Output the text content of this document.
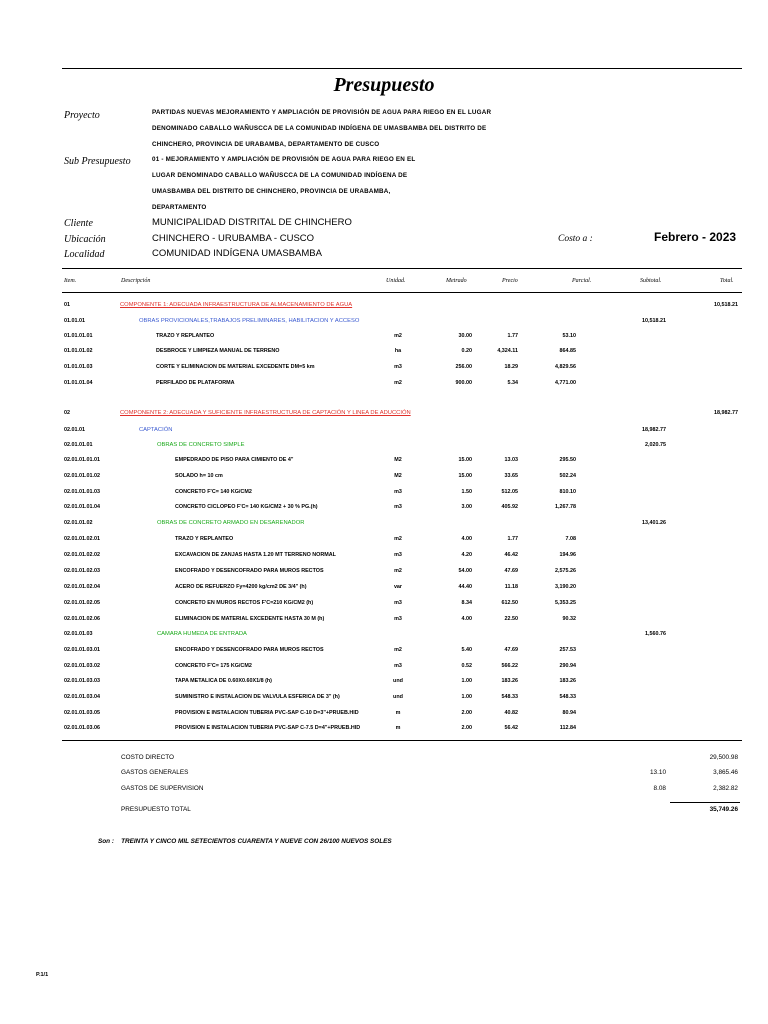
Presupuesto
Proyecto	PARTIDAS NUEVAS MEJORAMIENTO Y AMPLIACIÓN DE PROVISIÓN DE AGUA PARA RIEGO EN EL LUGAR
DENOMINADO CABALLO WAÑUSCCA DE LA COMUNIDAD INDÍGENA DE UMASBAMBA DEL DISTRITO DE
CHINCHERO, PROVINCIA DE URABAMBA, DEPARTAMENTO DE CUSCO
Sub Presupuesto	01 - MEJORAMIENTO Y AMPLIACIÓN DE PROVISIÓN DE AGUA PARA RIEGO EN EL
LUGAR DENOMINADO CABALLO WAÑUSCCA DE LA COMUNIDAD INDÍGENA DE
UMASBAMBA DEL DISTRITO DE CHINCHERO, PROVINCIA DE URABAMBA,
DEPARTAMENTO
Cliente	MUNICIPALIDAD DISTRITAL DE CHINCHERO
Ubicación	CHINCHERO - URUBAMBA - CUSCO	Costo a :	Febrero - 2023
Localidad	COMUNIDAD INDÍGENA UMASBAMBA
Item.	Descripción	Unidad.	Metrado	Precio	Parcial.	Subtotal.	Total.
01	COMPONENTE 1: ADECUADA INFRAESTRUCTURA DE ALMACENAMIENTO DE AGUA	10,518.21
01.01.01	OBRAS PROVICIONALES,TRABAJOS PRELIMINARES, HABILITACION Y ACCESO	10,518.21
01.01.01.01	TRAZO Y REPLANTEO	m2	30.00	1.77	53.10
01.01.01.02	DESBROCE Y LIMPIEZA MANUAL DE TERRENO	ha	0.20	4,324.11	864.85
01.01.01.03	CORTE Y ELIMINACION DE MATERIAL EXCEDENTE DM=5 km	m3	256.00	18.29	4,829.56
01.01.01.04	PERFILADO DE PLATAFORMA	m2	900.00	5.34	4,771.00
02	COMPONENTE 2: ADECUADA Y SUFICIENTE INFRAESTRUCTURA DE CAPTACIÓN Y LINEA DE ADUCCIÓN	18,982.77
02.01.01	CAPTACIÓN	18,982.77
02.01.01.01	OBRAS DE CONCRETO SIMPLE	2,020.75
02.01.01.01.01	EMPEDRADO DE PISO PARA CIMIENTO DE 4"	M2	15.00	13.03	295.50
02.01.01.01.02	SOLADO h= 10 cm	M2	15.00	33.65	502.24
02.01.01.01.03	CONCRETO F'C= 140 KG/CM2	m3	1.50	512.05	810.10
02.01.01.01.04	CONCRETO CICLOPEO F'C= 140 KG/CM2 + 30 % PG.(h)	m3	3.00	405.92	1,267.78
02.01.01.02	OBRAS DE CONCRETO ARMADO EN DESARENADOR	13,401.26
02.01.01.02.01	TRAZO Y REPLANTEO	m2	4.00	1.77	7.08
02.01.01.02.02	EXCAVACION DE ZANJAS HASTA 1.20 MT TERRENO NORMAL	m3	4.20	46.42	194.96
02.01.01.02.03	ENCOFRADO Y DESENCOFRADO PARA MUROS RECTOS	m2	54.00	47.69	2,575.26
02.01.01.02.04	ACERO DE REFUERZO Fy=4200 kg/cm2 DE 3/4" (h)	var	44.40	11.18	3,190.20
02.01.01.02.05	CONCRETO EN MUROS RECTOS F'C=210 KG/CM2 (h)	m3	8.34	612.50	5,353.25
02.01.01.02.06	ELIMINACION DE MATERIAL EXCEDENTE HASTA 30 M (h)	m3	4.00	22.50	90.32
02.01.01.03	CAMARA HUMEDA DE ENTRADA	1,560.76
02.01.01.03.01	ENCOFRADO Y DESENCOFRADO PARA MUROS RECTOS	m2	5.40	47.69	257.53
02.01.01.03.02	CONCRETO F'C= 175 KG/CM2	m3	0.52	566.22	290.94
02.01.01.03.03	TAPA METALICA DE 0.60X0.60X1/8 (h)	und	1.00	183.26	183.26
02.01.01.03.04	SUMINISTRO E INSTALACION DE VALVULA ESFERICA DE 3" (h)	und	1.00	548.33	548.33
02.01.01.03.05	PROVISION E INSTALACION TUBERIA PVC-SAP C-10 D=3"+PRUEB.HID	m	2.00	40.82	80.94
02.01.01.03.06	PROVISION E INSTALACION TUBERIA PVC-SAP C-7.5 D=4"+PRUEB.HID	m	2.00	56.42	112.84
COSTO DIRECTO	29,500.98
GASTOS GENERALES	13.10	3,865.46
GASTOS DE SUPERVISION	8.08	2,382.82
PRESUPUESTO TOTAL	35,749.26
Son : TREINTA Y CINCO MIL SETECIENTOS CUARENTA Y NUEVE CON 26/100 NUEVOS SOLES
P.1/1
